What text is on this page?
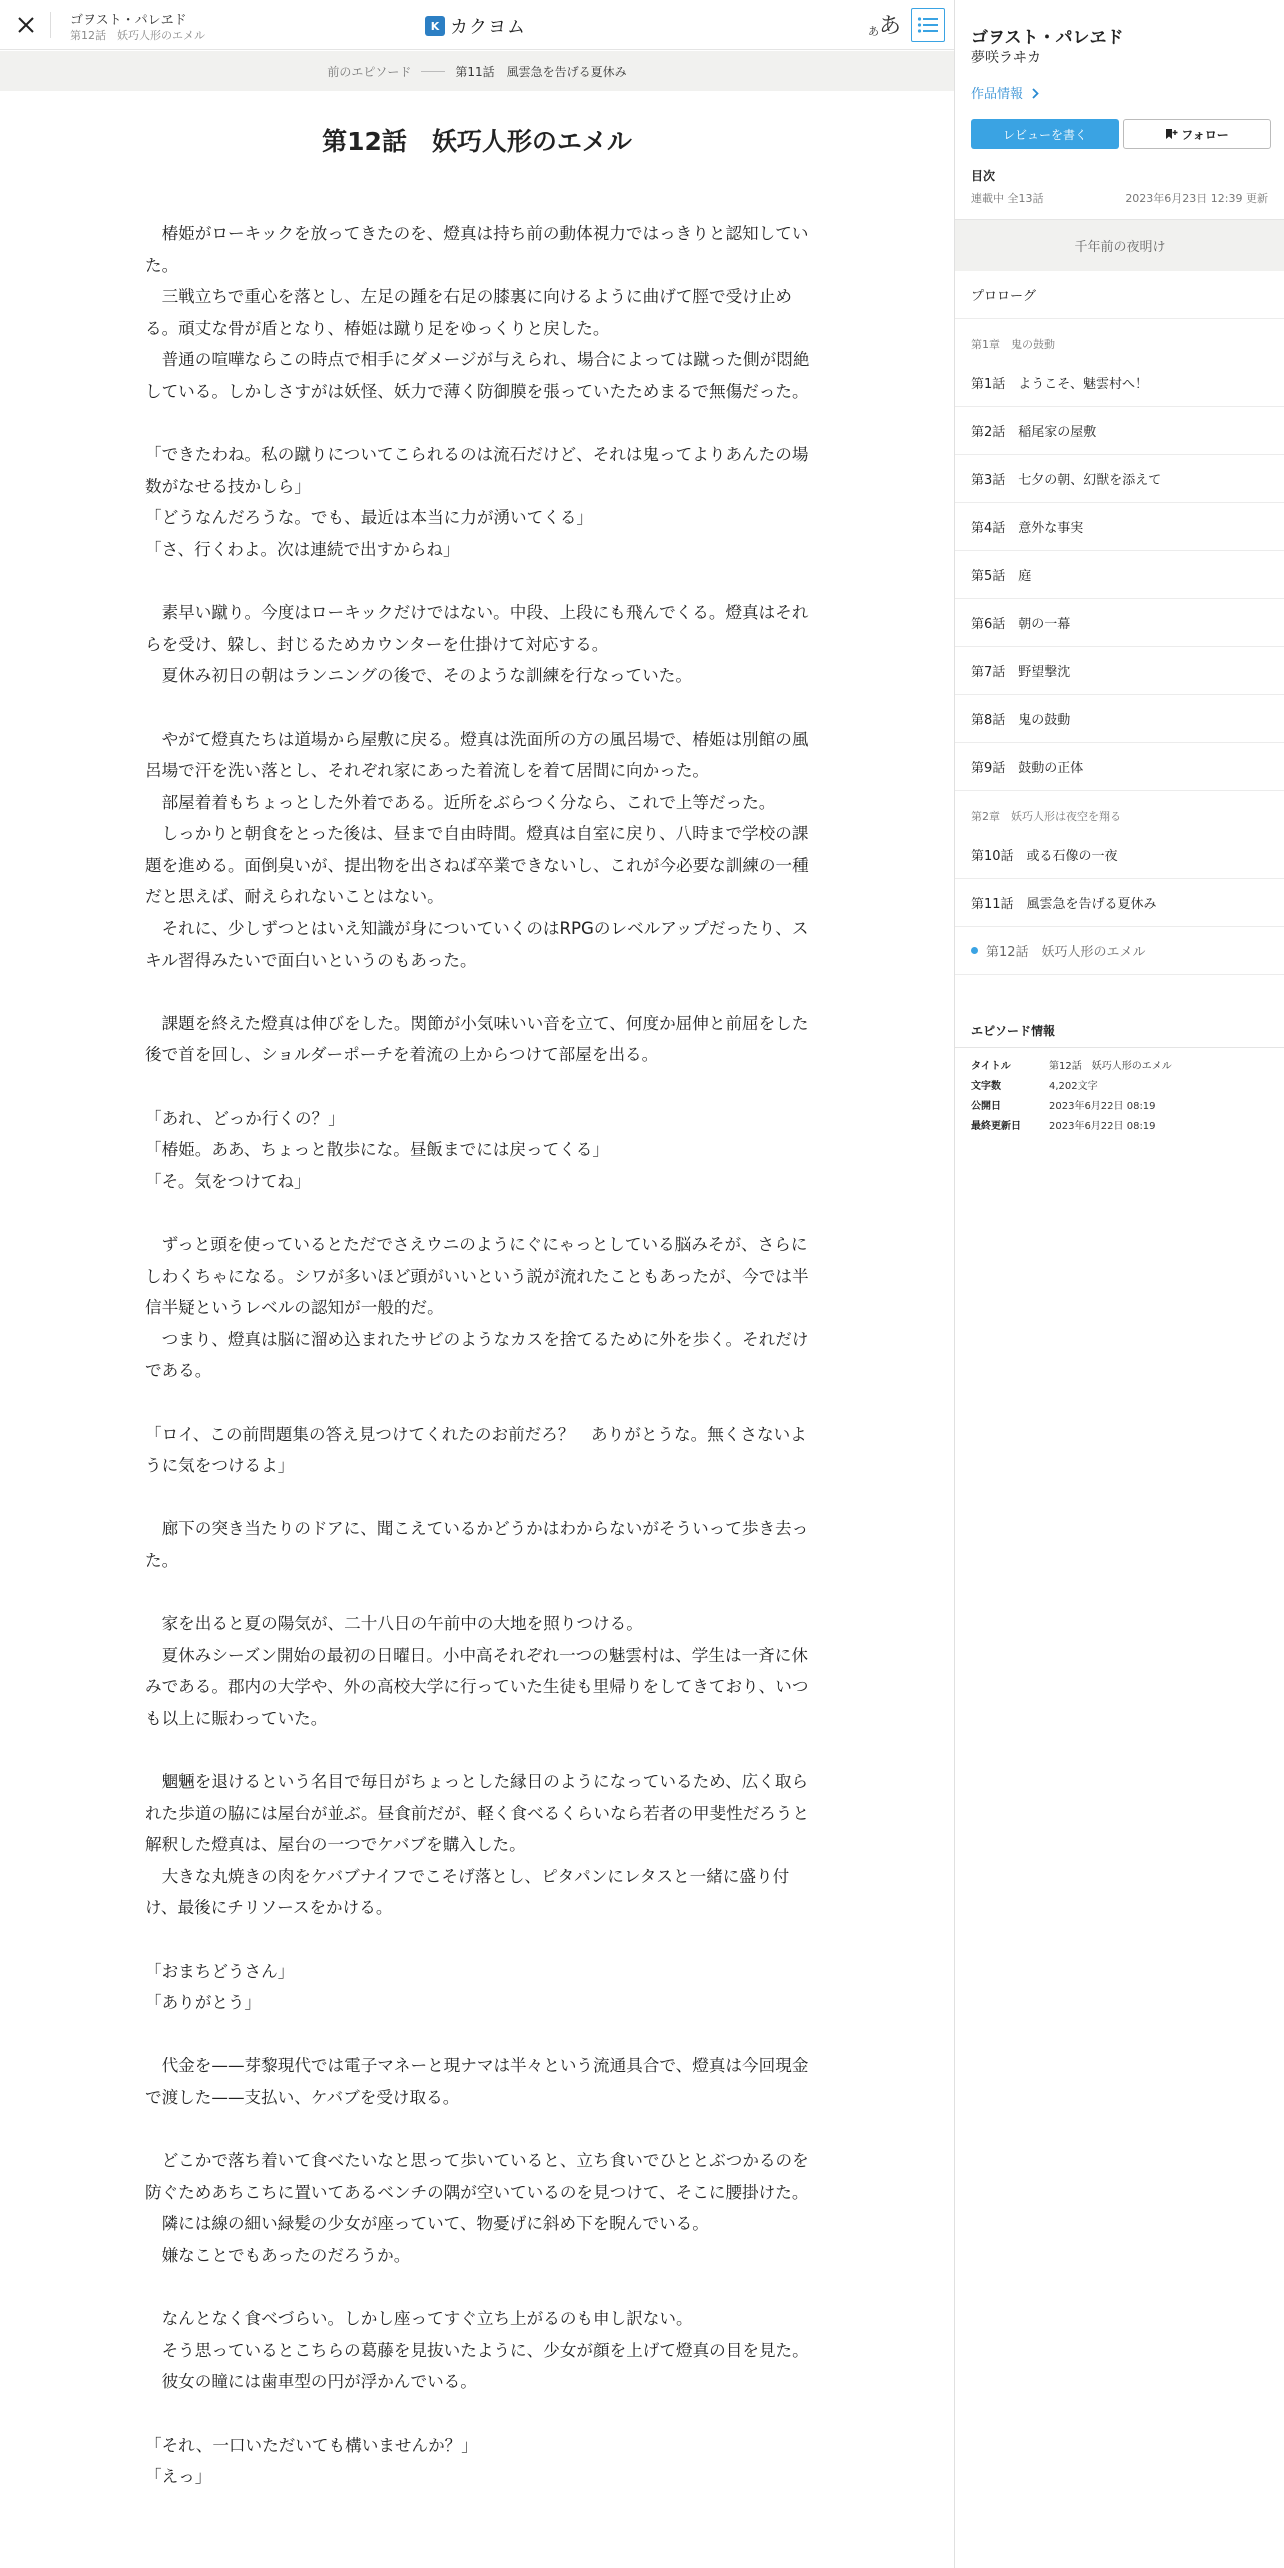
ゴヲスト・パレヱド
第12話　妖巧人形のエメル
K カクヨム	あ あ
前のエピソード	第11話　風雲急を告げる夏休み
第12話　妖巧人形のエメル

　椿姫がローキックを放ってきたのを、燈真は持ち前の動体視力ではっきりと認知していた。

　三戦立ちで重心を落とし、左足の踵を右足の膝裏に向けるように曲げて脛で受け止める。頑丈な骨が盾となり、椿姫は蹴り足をゆっくりと戻した。

　普通の喧嘩ならこの時点で相手にダメージが与えられ、場合によっては蹴った側が悶絶している。しかしさすがは妖怪、妖力で薄く防御膜を張っていたためまるで無傷だった。

「できたわね。私の蹴りについてこられるのは流石だけど、それは鬼ってよりあんたの場数がなせる技かしら」

「どうなんだろうな。でも、最近は本当に力が湧いてくる」

「さ、行くわよ。次は連続で出すからね」

　素早い蹴り。今度はローキックだけではない。中段、上段にも飛んでくる。燈真はそれらを受け、躱し、封じるためカウンターを仕掛けて対応する。

　夏休み初日の朝はランニングの後で、そのような訓練を行なっていた。

　やがて燈真たちは道場から屋敷に戻る。燈真は洗面所の方の風呂場で、椿姫は別館の風呂場で汗を洗い落とし、それぞれ家にあった着流しを着て居間に向かった。

　部屋着着もちょっとした外着である。近所をぶらつく分なら、これで上等だった。

　しっかりと朝食をとった後は、昼まで自由時間。燈真は自室に戻り、八時まで学校の課題を進める。面倒臭いが、提出物を出さねば卒業できないし、これが今必要な訓練の一種だと思えば、耐えられないことはない。

　それに、少しずつとはいえ知識が身についていくのはRPGのレベルアップだったり、スキル習得みたいで面白いというのもあった。

　課題を終えた燈真は伸びをした。関節が小気味いい音を立て、何度か屈伸と前屈をした後で首を回し、ショルダーポーチを着流の上からつけて部屋を出る。

「あれ、どっか行くの？」

「椿姫。ああ、ちょっと散歩にな。昼飯までには戻ってくる」

「そ。気をつけてね」

　ずっと頭を使っているとただでさえウニのようにぐにゃっとしている脳みそが、さらにしわくちゃになる。シワが多いほど頭がいいという説が流れたこともあったが、今では半信半疑というレベルの認知が一般的だ。

　つまり、燈真は脳に溜め込まれたサビのようなカスを捨てるために外を歩く。それだけである。

「ロイ、この前問題集の答え見つけてくれたのお前だろ？　ありがとうな。無くさないように気をつけるよ」

　廊下の突き当たりのドアに、聞こえているかどうかはわからないがそういって歩き去った。

　家を出ると夏の陽気が、二十八日の午前中の大地を照りつける。

　夏休みシーズン開始の最初の日曜日。小中高それぞれ一つの魅雲村は、学生は一斉に休みである。郡内の大学や、外の高校大学に行っていた生徒も里帰りをしてきており、いつも以上に賑わっていた。

　魍魎を退けるという名目で毎日がちょっとした縁日のようになっているため、広く取られた歩道の脇には屋台が並ぶ。昼食前だが、軽く食べるくらいなら若者の甲斐性だろうと解釈した燈真は、屋台の一つでケバブを購入した。

　大きな丸焼きの肉をケバブナイフでこそげ落とし、ピタパンにレタスと一緒に盛り付け、最後にチリソースをかける。

「おまちどうさん」

「ありがとう」

　代金を——芽黎現代では電子マネーと現ナマは半々という流通具合で、燈真は今回現金で渡した——支払い、ケバブを受け取る。

　どこかで落ち着いて食べたいなと思って歩いていると、立ち食いでひととぶつかるのを防ぐためあちこちに置いてあるベンチの隅が空いているのを見つけて、そこに腰掛けた。

　隣には線の細い緑髪の少女が座っていて、物憂げに斜め下を睨んでいる。

　嫌なことでもあったのだろうか。

　なんとなく食べづらい。しかし座ってすぐ立ち上がるのも申し訳ない。

　そう思っているとこちらの葛藤を見抜いたように、少女が顔を上げて燈真の目を見た。

　彼女の瞳には歯車型の円が浮かんでいる。

「それ、一口いただいても構いませんか？」

「えっ」

ゴヲスト・パレヱド
夢咲ラヰカ
作品情報
レビューを書く	フォロー
目次
連載中 全13話	2023年6月23日 12:39 更新
千年前の夜明け
プロローグ
第1章　鬼の鼓動
第1話　ようこそ、魅雲村へ！
第2話　稲尾家の屋敷
第3話　七夕の朝、幻獣を添えて
第4話　意外な事実
第5話　庭
第6話　朝の一幕
第7話　野望撃沈
第8話　鬼の鼓動
第9話　鼓動の正体
第2章　妖巧人形は夜空を翔る
第10話　或る石像の一夜
第11話　風雲急を告げる夏休み
第12話　妖巧人形のエメル
エピソード情報
タイトル	第12話　妖巧人形のエメル
文字数	4,202文字
公開日	2023年6月22日 08:19
最終更新日	2023年6月22日 08:19
